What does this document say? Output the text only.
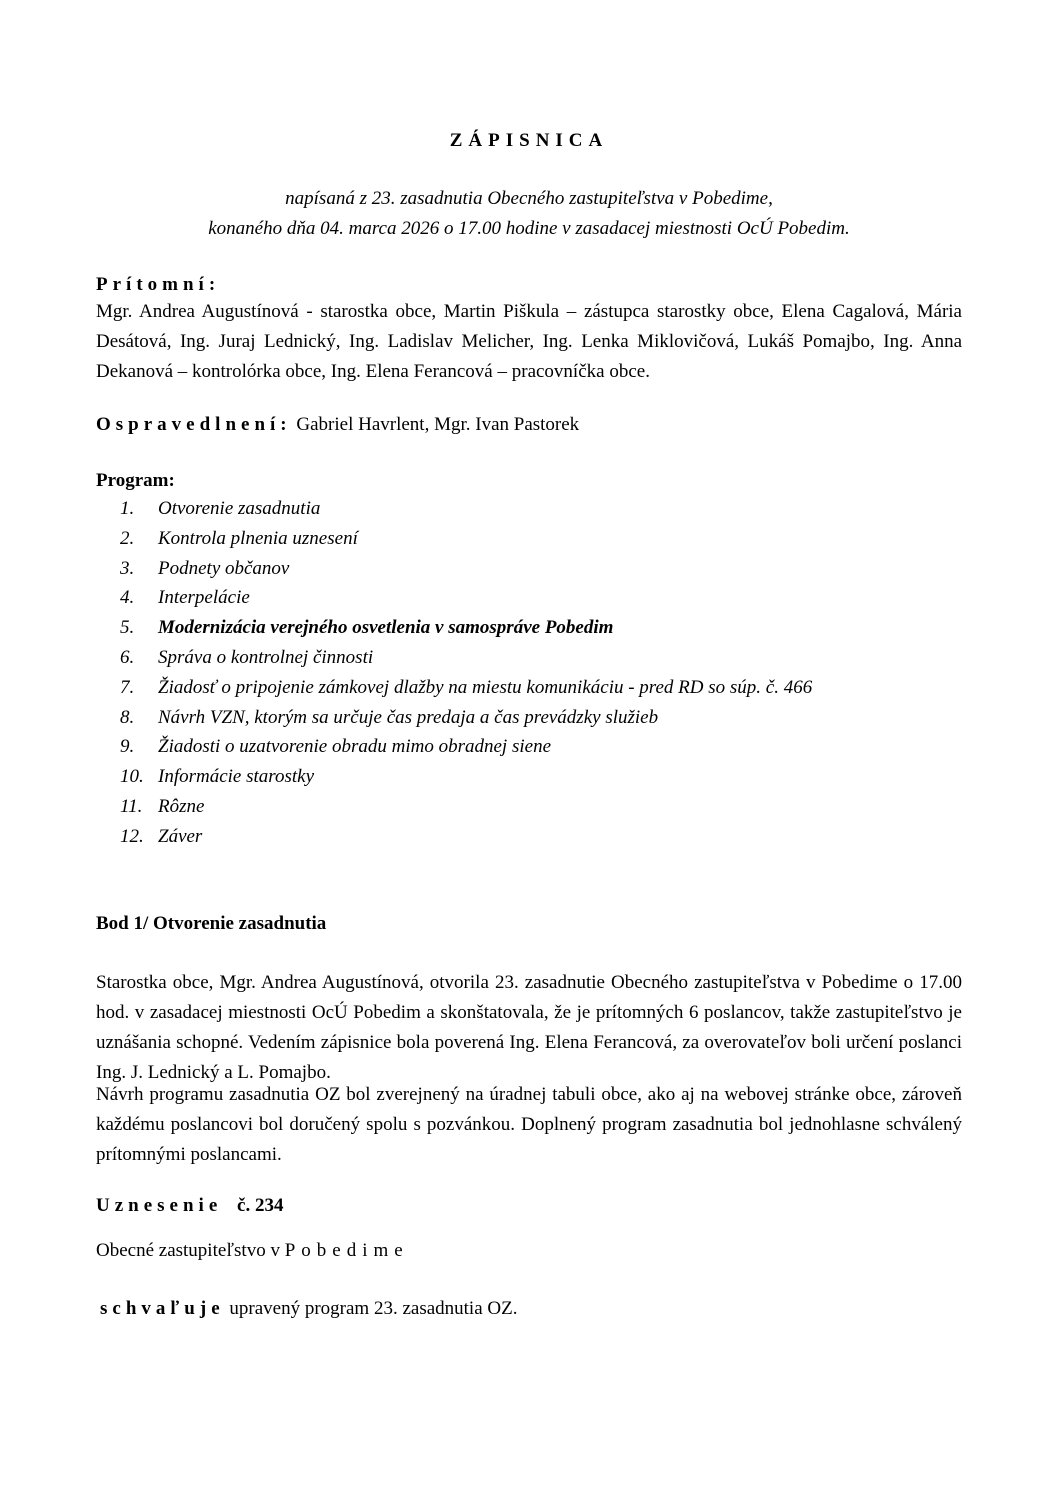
ZÁPISNICA
napísaná z 23. zasadnutia Obecného zastupiteľstva v Pobedime,
konaného dňa 04. marca 2026 o 17.00 hodine v zasadacej miestnosti OcÚ Pobedim.
Prítomní:
Mgr. Andrea Augustínová - starostka obce, Martin Piškula – zástupca starostky obce, Elena Cagalová, Mária Desátová, Ing. Juraj Lednický, Ing. Ladislav Melicher, Ing. Lenka Miklovičová, Lukáš Pomajbo, Ing. Anna Dekanová – kontrolórka obce, Ing. Elena Ferancová – pracovníčka obce.
Ospravedlnení: Gabriel Havrlent, Mgr. Ivan Pastorek
Program:
1. Otvorenie zasadnutia
2. Kontrola plnenia uznesení
3. Podnety občanov
4. Interpelácie
5. Modernizácia verejného osvetlenia v samospráve Pobedim
6. Správa o kontrolnej činnosti
7. Žiadosť o pripojenie zámkovej dlažby na miestu komunikáciu - pred RD so súp. č. 466
8. Návrh VZN, ktorým sa určuje čas predaja a čas prevádzky služieb
9. Žiadosti o uzatvorenie obradu mimo obradnej siene
10. Informácie starostky
11. Rôzne
12. Záver
Bod 1/ Otvorenie zasadnutia
Starostka obce, Mgr. Andrea Augustínová, otvorila 23. zasadnutie Obecného zastupiteľstva v Pobedime o 17.00 hod. v zasadacej miestnosti OcÚ Pobedim a skonštatovala, že je prítomných 6 poslancov, takže zastupiteľstvo je uznášania schopné. Vedením zápisnice bola poverená Ing. Elena Ferancová, za overovateľov boli určení poslanci Ing. J. Lednický a L. Pomajbo.
Návrh programu zasadnutia OZ bol zverejnený na úradnej tabuli obce, ako aj na webovej stránke obce, zároveň každému poslancovi bol doručený spolu s pozvánkou. Doplnený program zasadnutia bol jednohlasne schválený prítomnými poslancami.
Uznesenie č. 234
Obecné zastupiteľstvo v Pobedime
schvaľuje upravený program 23. zasadnutia OZ.
